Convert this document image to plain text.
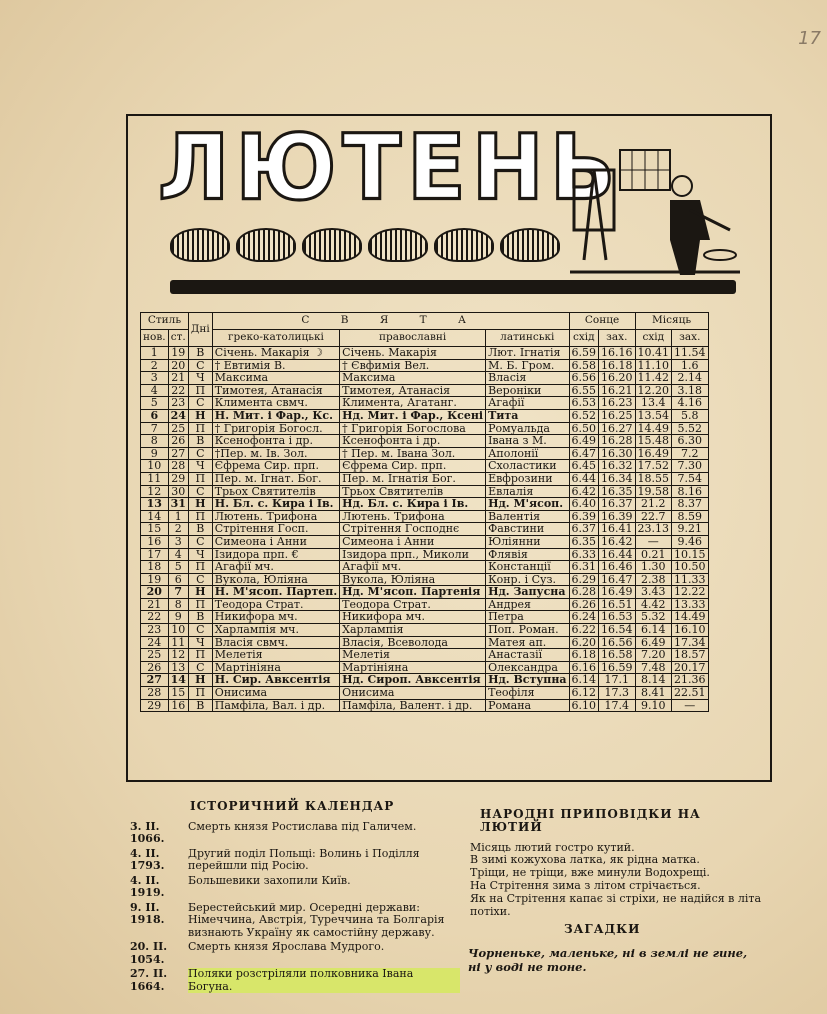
17
ЛЮТЕНЬ
Стиль		Дні	С В Я Т А			Сонце		Місяць	
нов.	ст.		греко-католицькі	православні	латинські	схід	зах.	схід	зах.
1	19	В	Січень. Макарія ☽	Січень. Макарія	Лют. Ігнатія	6.59	16.16	10.41	11.54
2	20	С	† Евтимія В.	† Євфимія Вел.	М. Б. Гром.	6.58	16.18	11.10	1.6
3	21	Ч	Максима	Максима	Власія	6.56	16.20	11.42	2.14
4	22	П	Тимотея, Атанасія	Тимотея, Атанасія	Вероніки	6.55	16.21	12.20	3.18
5	23	С	Климента свмч.	Климента, Агатанг.	Агафії	6.53	16.23	13.4	4.16
6	24	Н	Н. Мит. і Фар., Кс.	Нд. Мит. і Фар., Ксені	Тита	6.52	16.25	13.54	5.8
7	25	П	† Григорія Богосл.	† Григорія Богослова	Ромуальда	6.50	16.27	14.49	5.52
8	26	В	Ксенофонта і др.	Ксенофонта і др.	Івана з М.	6.49	16.28	15.48	6.30
9	27	С	†Пер. м. Ів. Зол.	† Пер. м. Івана Зол.	Аполонії	6.47	16.30	16.49	7.2
10	28	Ч	Єфрема Сир. прп.	Єфрема Сир. прп.	Схоластики	6.45	16.32	17.52	7.30
11	29	П	Пер. м. Ігнат. Бог.	Пер. м. Ігнатія Бог.	Евфрозини	6.44	16.34	18.55	7.54
12	30	С	Трьох Святителів	Трьох Святителів	Евлалія	6.42	16.35	19.58	8.16
13	31	Н	Н. Бл. с. Кира і Ів.	Нд. Бл. с. Кира і Ів.	Нд. М'ясоп.	6.40	16.37	21.2	8.37
14	1	П	Лютень. Трифона	Лютень. Трифона	Валентія	6.39	16.39	22.7	8.59
15	2	В	Стрітення Госп.	Стрітення Господнє	Фавстини	6.37	16.41	23.13	9.21
16	3	С	Симеона і Анни	Симеона і Анни	Юліянни	6.35	16.42	—	9.46
17	4	Ч	Ізидора прп. €	Ізидора прп., Миколи	Флявія	6.33	16.44	0.21	10.15
18	5	П	Агафії мч.	Агафії мч.	Констанції	6.31	16.46	1.30	10.50
19	6	С	Вукола, Юліяна	Вукола, Юліяна	Конр. і Суз.	6.29	16.47	2.38	11.33
20	7	Н	Н. М'ясоп. Партеп.	Нд. М'ясоп. Партенія	Нд. Запусна	6.28	16.49	3.43	12.22
21	8	П	Теодора Страт.	Теодора Страт.	Андрея	6.26	16.51	4.42	13.33
22	9	В	Никифора мч.	Никифора мч.	Петра	6.24	16.53	5.32	14.49
23	10	С	Харлампія мч.	Харлампія	Поп. Роман.	6.22	16.54	6.14	16.10
24	11	Ч	Власія свмч.	Власія, Всеволода	Матея ап.	6.20	16.56	6.49	17.34
25	12	П	Мелетія	Мелетія	Анастазії	6.18	16.58	7.20	18.57
26	13	С	Мартініяна	Мартініяна	Олександра	6.16	16.59	7.48	20.17
27	14	Н	Н. Сир. Авксентія	Нд. Сироп. Авксентія	Нд. Вступна	6.14	17.1	8.14	21.36
28	15	П	Онисима	Онисима	Теофіля	6.12	17.3	8.41	22.51
29	16	В	Памфіла, Вал. і др.	Памфіла, Валент. і др.	Романа	6.10	17.4	9.10	—
ІСТОРИЧНИЙ КАЛЕНДАР
3. II. 1066.
Смерть князя Ростислава під Галичем.
4. II. 1793.
Другий поділ Польщі: Волинь і Поділля перейшли під Росію.
4. II. 1919.
Большевики захопили Київ.
9. II. 1918.
Берестейський мир. Осередні держави: Німеччина, Австрія, Туреччина та Болгарія визнають Україну як самостійну державу.
20. II. 1054.
Смерть князя Ярослава Мудрого.
27. II. 1664.
Поляки розстріляли полковника Івана Богуна.
НАРОДНІ ПРИПОВІДКИ НА ЛЮТИЙ

Місяць лютий гостро кутий.

В зимі кожухова латка, як рідна матка.

Тріщи, не тріщи, вже минули Водохрещі.

На Стрітення зима з літом стрічається.

Як на Стрітення капає зі стріхи, не надійся в літа потіхи.

ЗАГАДКИ
Чорненьке, маленьке, ні в землі не гине,
ні у воді не тоне.
